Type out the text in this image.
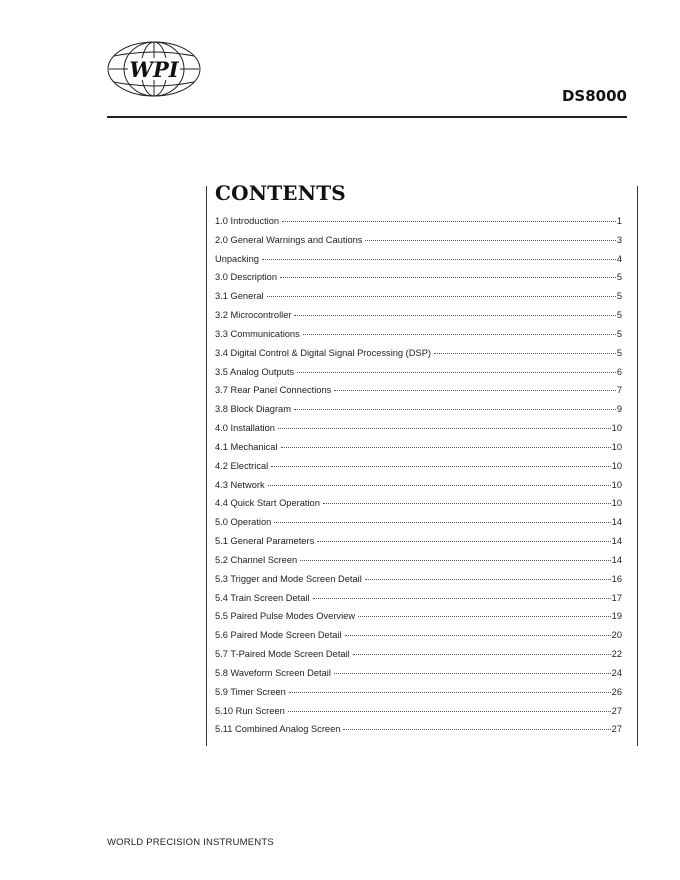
WPI
DS8000
CONTENTS
1.0 Introduction	1
2.0 General Warnings and Cautions	3
Unpacking	4
3.0 Description	5
3.1 General	5
3.2 Microcontroller	5
3.3 Communications	5
3.4 Digital Control & Digital Signal Processing (DSP)	5
3.5 Analog Outputs	6
3.7 Rear Panel Connections	7
3.8 Block Diagram	9
4.0 Installation	10
4.1 Mechanical	10
4.2 Electrical	10
4.3 Network	10
4.4 Quick Start Operation	10
5.0 Operation	14
5.1 General Parameters	14
5.2 Channel Screen	14
5.3 Trigger and Mode Screen Detail	16
5.4 Train Screen Detail	17
5.5 Paired Pulse Modes Overview	19
5.6 Paired Mode Screen Detail	20
5.7 T-Paired Mode Screen Detail	22
5.8 Waveform Screen Detail	24
5.9 Timer Screen	26
5.10 Run Screen	27
5.11 Combined Analog Screen	27
WORLD PRECISION INSTRUMENTS
